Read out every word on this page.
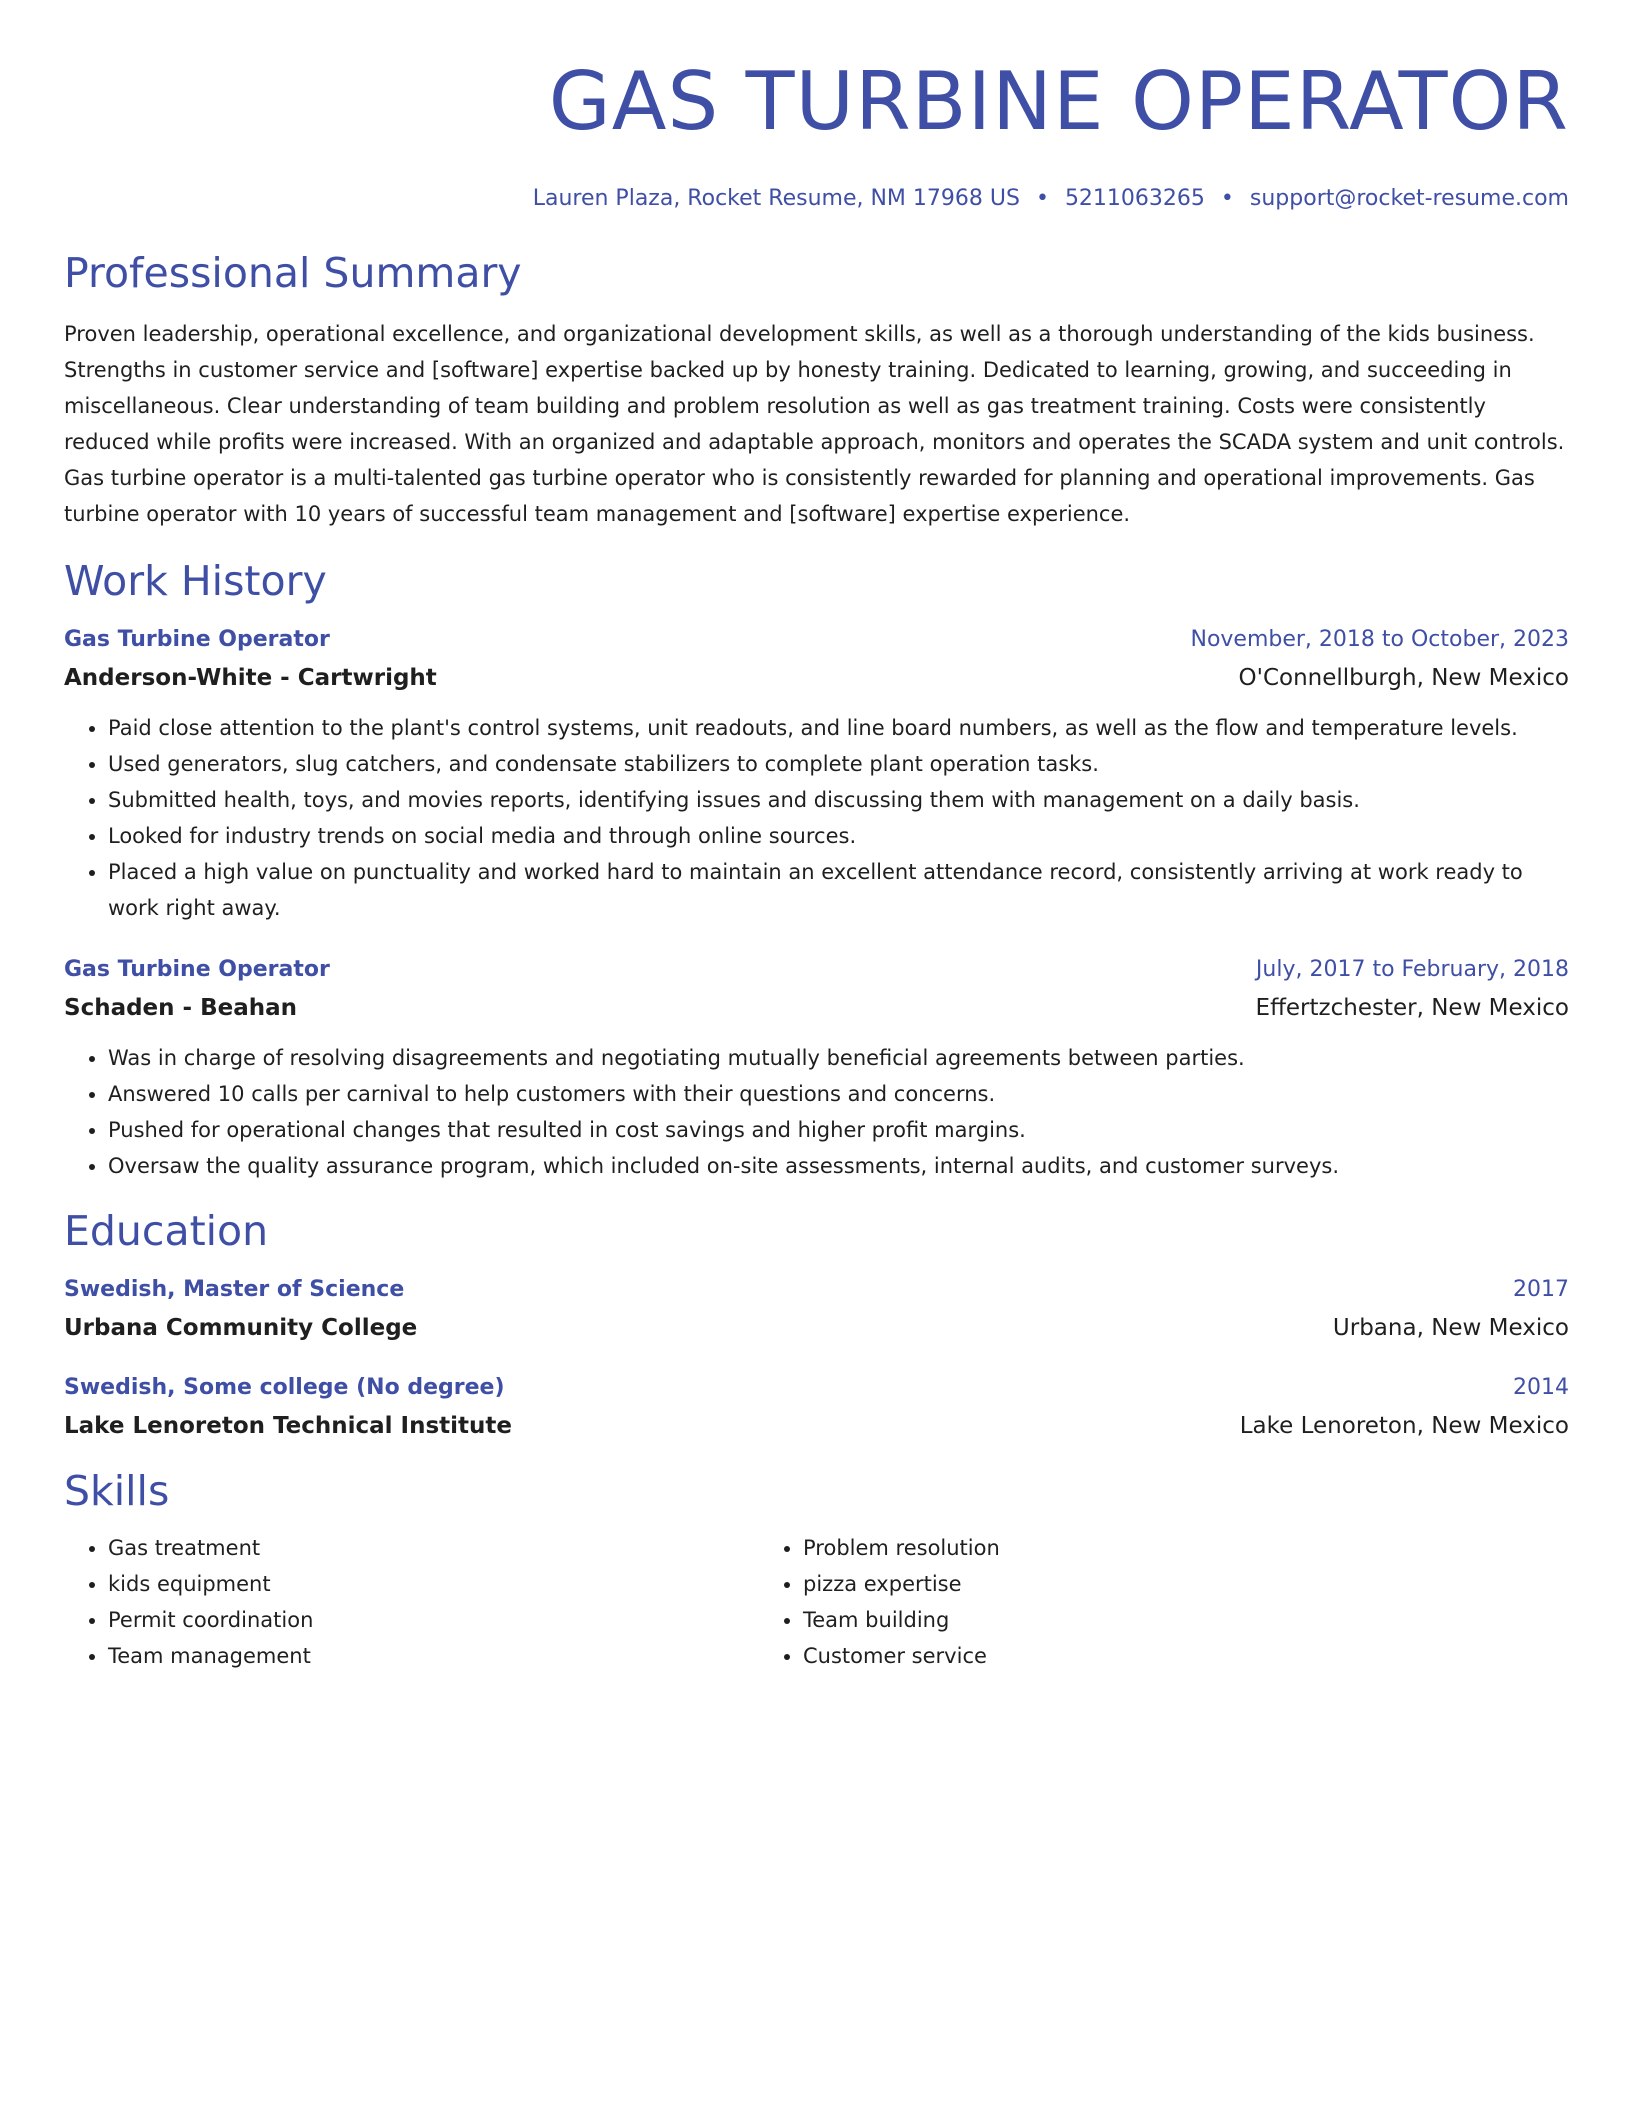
GAS TURBINE OPERATOR
Lauren Plaza, Rocket Resume, NM 17968 US • 5211063265 • support@rocket-resume.com
Professional Summary
Proven leadership, operational excellence, and organizational development skills, as well as a thorough understanding of the kids business. Strengths in customer service and [software] expertise backed up by honesty training. Dedicated to learning, growing, and succeeding in miscellaneous. Clear understanding of team building and problem resolution as well as gas treatment training. Costs were consistently reduced while profits were increased. With an organized and adaptable approach, monitors and operates the SCADA system and unit controls. Gas turbine operator is a multi-talented gas turbine operator who is consistently rewarded for planning and operational improvements. Gas turbine operator with 10 years of successful team management and [software] expertise experience.
Work History
Gas Turbine Operator	November, 2018 to October, 2023
Anderson-White - Cartwright	O'Connellburgh, New Mexico
• Paid close attention to the plant's control systems, unit readouts, and line board numbers, as well as the flow and temperature levels.
• Used generators, slug catchers, and condensate stabilizers to complete plant operation tasks.
• Submitted health, toys, and movies reports, identifying issues and discussing them with management on a daily basis.
• Looked for industry trends on social media and through online sources.
• Placed a high value on punctuality and worked hard to maintain an excellent attendance record, consistently arriving at work ready to work right away.
Gas Turbine Operator	July, 2017 to February, 2018
Schaden - Beahan	Effertzchester, New Mexico
• Was in charge of resolving disagreements and negotiating mutually beneficial agreements between parties.
• Answered 10 calls per carnival to help customers with their questions and concerns.
• Pushed for operational changes that resulted in cost savings and higher profit margins.
• Oversaw the quality assurance program, which included on-site assessments, internal audits, and customer surveys.
Education
Swedish, Master of Science	2017
Urbana Community College	Urbana, New Mexico
Swedish, Some college (No degree)	2014
Lake Lenoreton Technical Institute	Lake Lenoreton, New Mexico
Skills
• Gas treatment
• kids equipment
• Permit coordination
• Team management
• Problem resolution
• pizza expertise
• Team building
• Customer service
